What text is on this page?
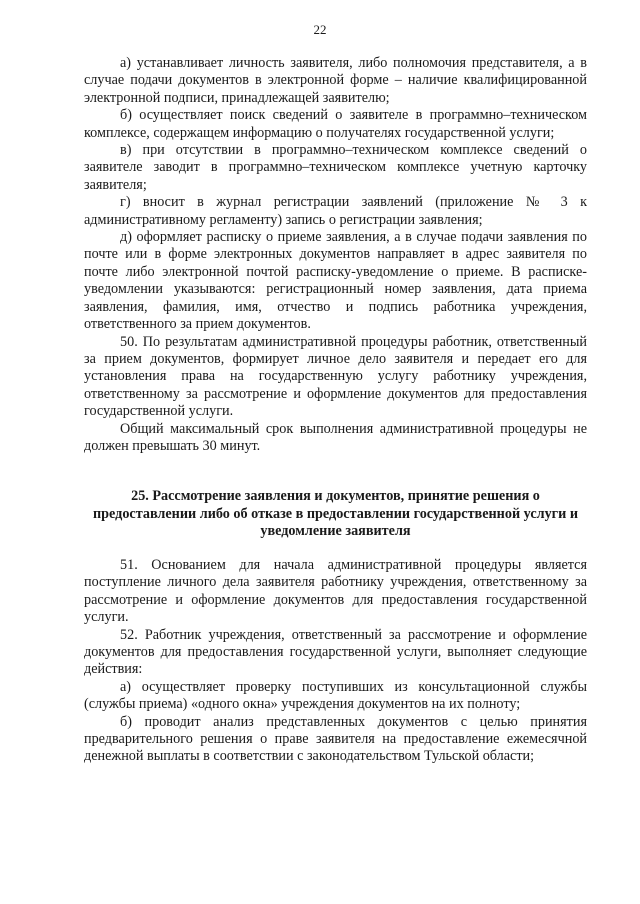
22

а) устанавливает личность заявителя, либо полномочия представителя, а в случае подачи документов в электронной форме – наличие квалифицированной электронной подписи, принадлежащей заявителю;

б) осуществляет поиск сведений о заявителе в программно–техническом комплексе, содержащем информацию о получателях государственной услуги;

в) при отсутствии в программно–техническом комплексе сведений о заявителе заводит в программно–техническом комплексе учетную карточку заявителя;

г) вносит в журнал регистрации заявлений (приложение № 3 к административному регламенту) запись о регистрации заявления;

д) оформляет расписку о приеме заявления, а в случае подачи заявления по почте или в форме электронных документов направляет в адрес заявителя по почте либо электронной почтой расписку-уведомление о приеме. В расписке-уведомлении указываются: регистрационный номер заявления, дата приема заявления, фамилия, имя, отчество и подпись работника учреждения, ответственного за прием документов.

50. По результатам административной процедуры работник, ответственный за прием документов, формирует личное дело заявителя и передает его для установления права на государственную услугу работнику учреждения, ответственному за рассмотрение и оформление документов для предоставления государственной услуги.

Общий максимальный срок выполнения административной процедуры не должен превышать 30 минут.

25. Рассмотрение заявления и документов, принятие решения о предоставлении либо об отказе в предоставлении государственной услуги и уведомление заявителя

51. Основанием для начала административной процедуры является поступление личного дела заявителя работнику учреждения, ответственному за рассмотрение и оформление документов для предоставления государственной услуги.

52. Работник учреждения, ответственный за рассмотрение и оформление документов для предоставления государственной услуги, выполняет следующие действия:

а) осуществляет проверку поступивших из консультационной службы (службы приема) «одного окна» учреждения документов на их полноту;

б) проводит анализ представленных документов с целью принятия предварительного решения о праве заявителя на предоставление ежемесячной денежной выплаты в соответствии с законодательством Тульской области;
